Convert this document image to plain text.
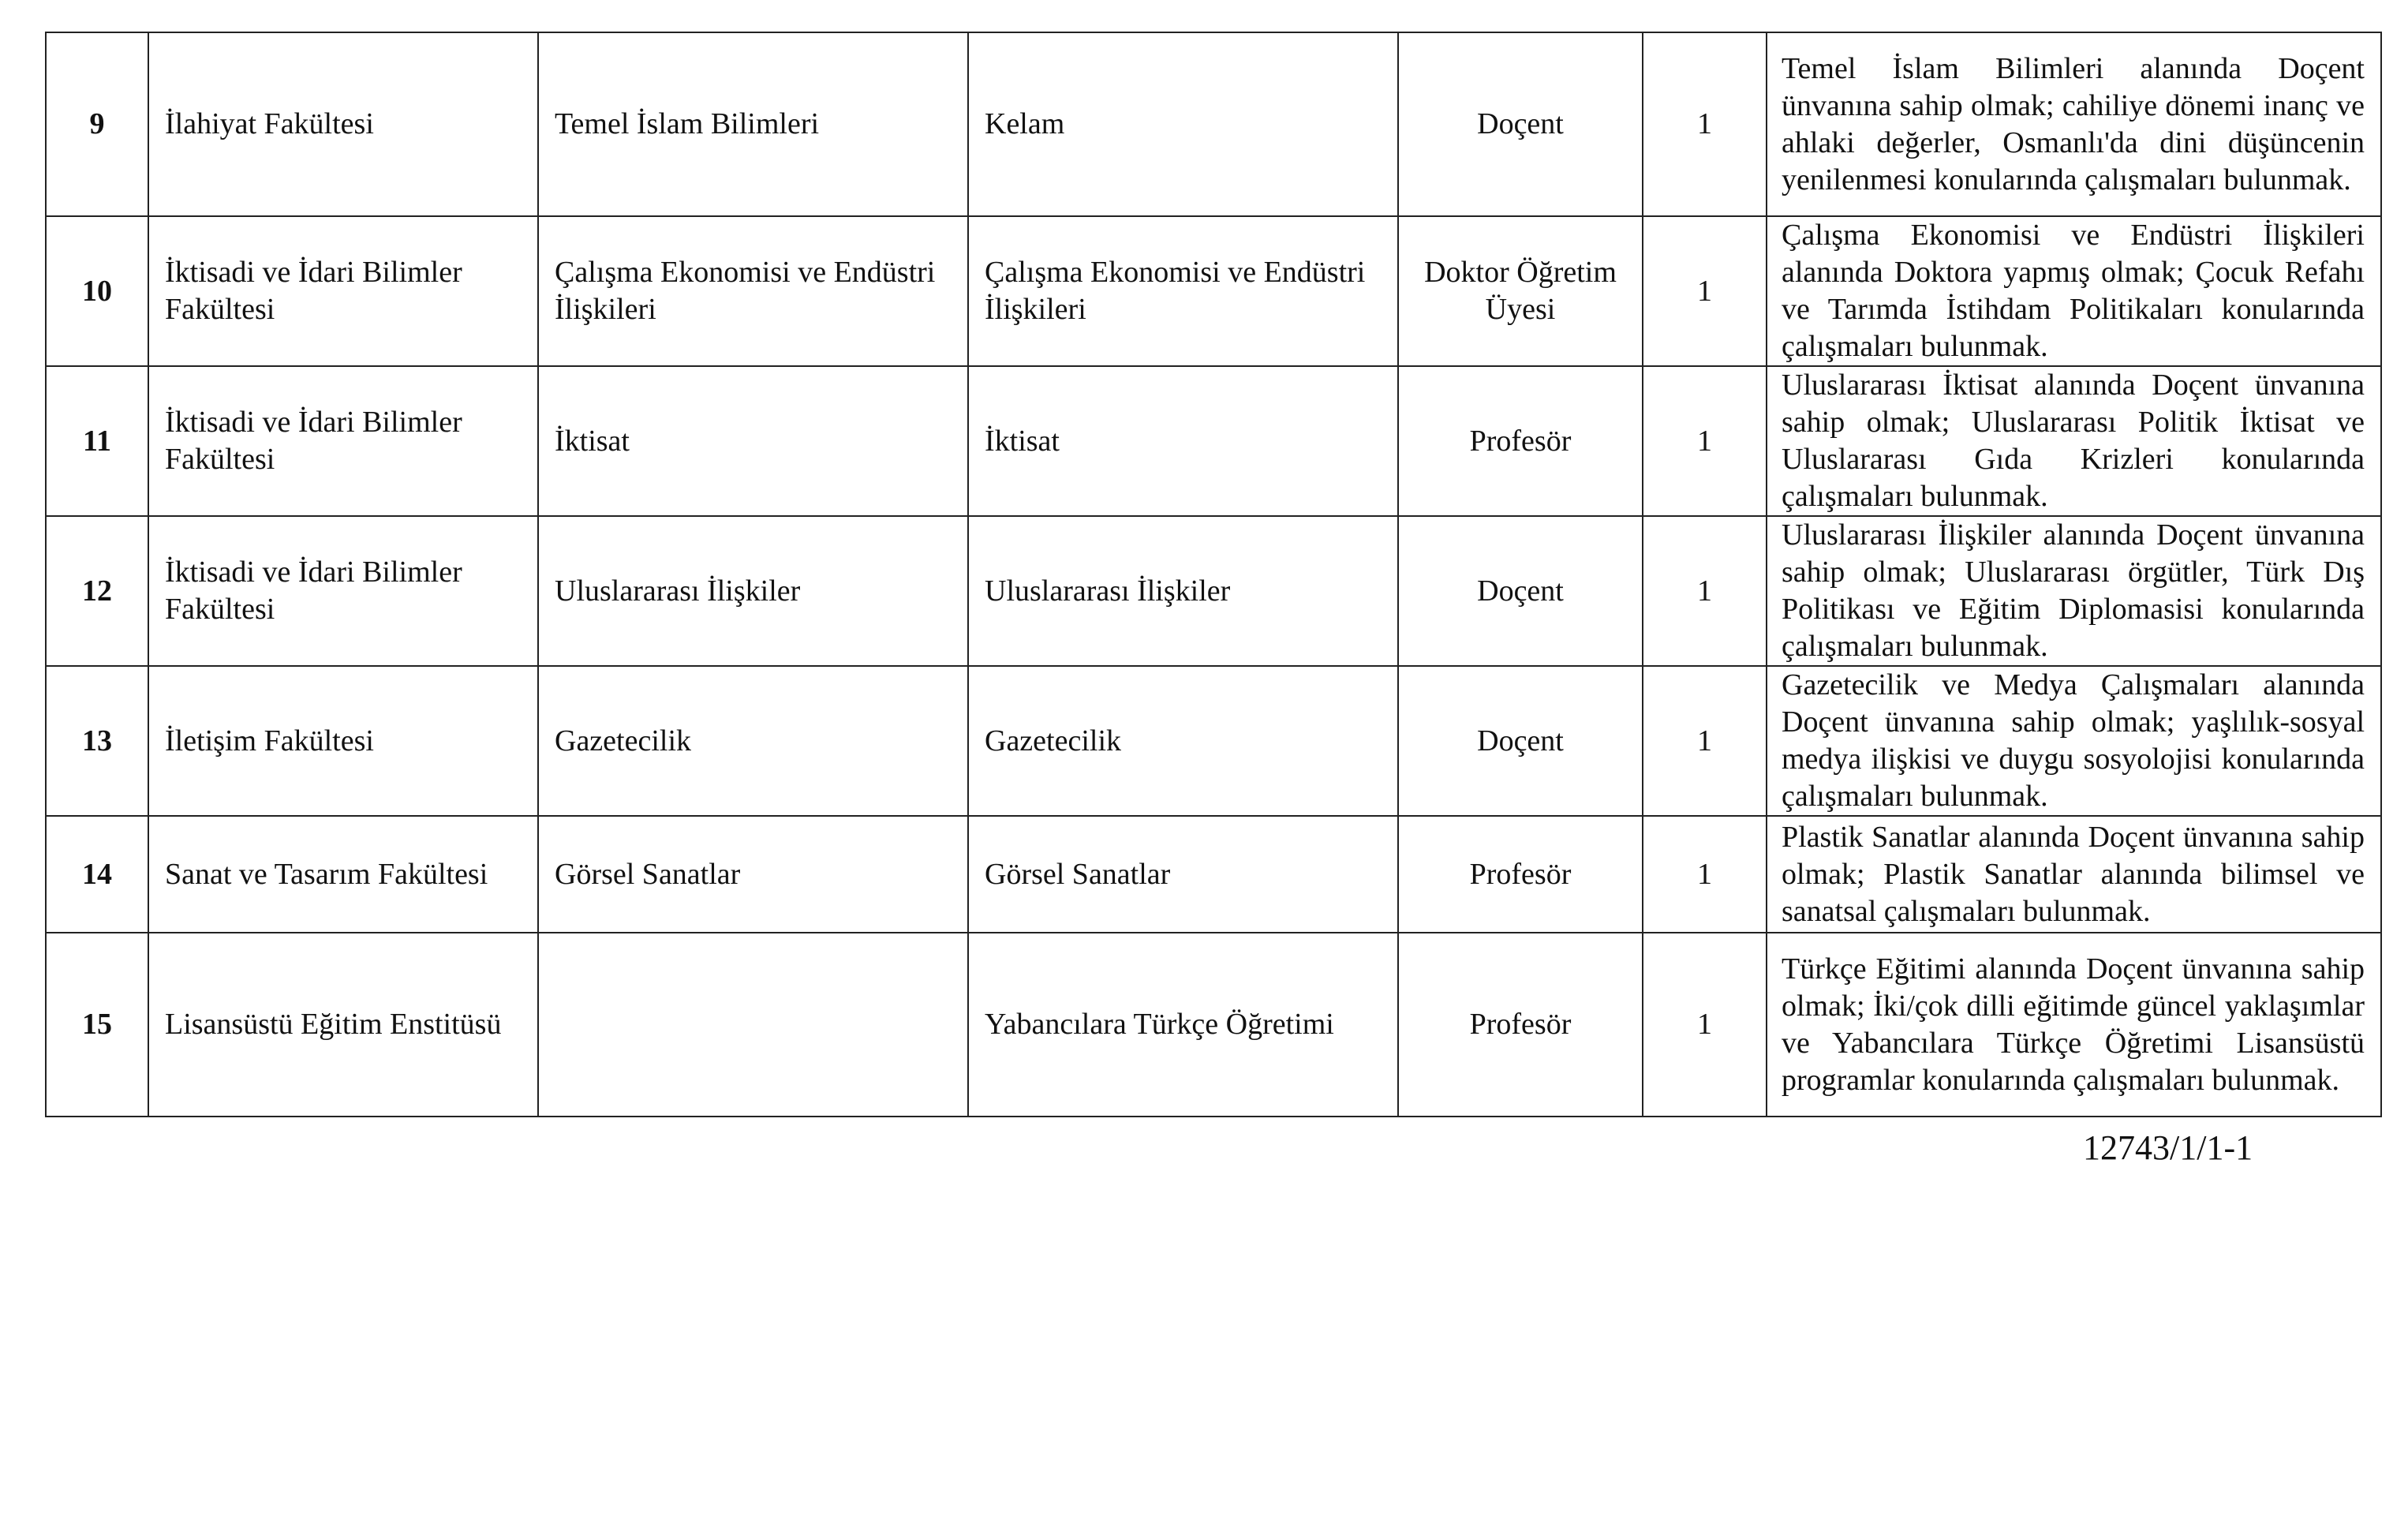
9	İlahiyat Fakültesi	Temel İslam Bilimleri	Kelam	Doçent	1	Temel İslam Bilimleri alanında Doçent ünvanına sahip olmak; cahiliye dönemi inanç ve ahlaki değerler, Osmanlı'da dini düşüncenin yenilenmesi konularında çalışmaları bulunmak.
10	İktisadi ve İdari Bilimler Fakültesi	Çalışma Ekonomisi ve Endüstri İlişkileri	Çalışma Ekonomisi ve Endüstri İlişkileri	Doktor Öğretim Üyesi	1	Çalışma Ekonomisi ve Endüstri İlişkileri alanında Doktora yapmış olmak; Çocuk Refahı ve Tarımda İstihdam Politikaları konularında çalışmaları bulunmak.
11	İktisadi ve İdari Bilimler Fakültesi	İktisat	İktisat	Profesör	1	Uluslararası İktisat alanında Doçent ünvanına sahip olmak; Uluslararası Politik İktisat ve Uluslararası Gıda Krizleri konularında çalışmaları bulunmak.
12	İktisadi ve İdari Bilimler Fakültesi	Uluslararası İlişkiler	Uluslararası İlişkiler	Doçent	1	Uluslararası İlişkiler alanında Doçent ünvanına sahip olmak; Uluslararası örgütler, Türk Dış Politikası ve Eğitim Diplomasisi konularında çalışmaları bulunmak.
13	İletişim Fakültesi	Gazetecilik	Gazetecilik	Doçent	1	Gazetecilik ve Medya Çalışmaları alanında Doçent ünvanına sahip olmak; yaşlılık-sosyal medya ilişkisi ve duygu sosyolojisi konularında çalışmaları bulunmak.
14	Sanat ve Tasarım Fakültesi	Görsel Sanatlar	Görsel Sanatlar	Profesör	1	Plastik Sanatlar alanında Doçent ünvanına sahip olmak; Plastik Sanatlar alanında bilimsel ve sanatsal çalışmaları bulunmak.
15	Lisansüstü Eğitim Enstitüsü		Yabancılara Türkçe Öğretimi	Profesör	1	Türkçe Eğitimi alanında Doçent ünvanına sahip olmak; İki/çok dilli eğitimde güncel yaklaşımlar ve Yabancılara Türkçe Öğretimi Lisansüstü programlar konularında çalışmaları bulunmak.
12743/1/1-1
